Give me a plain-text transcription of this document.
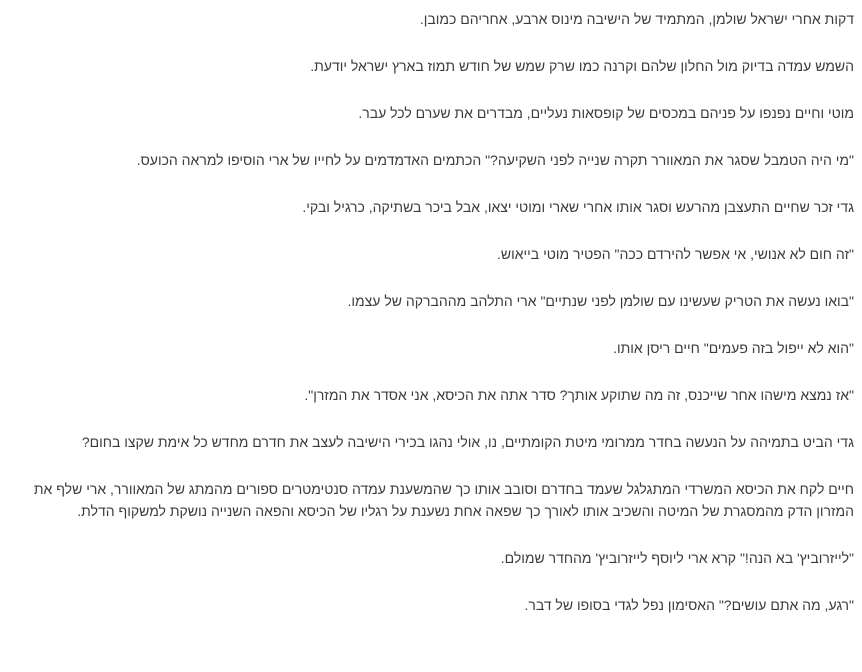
דקות אחרי ישראל שולמן, המתמיד של הישיבה מינוס ארבע, אחריהם כמובן.

השמש עמדה בדיוק מול החלון שלהם וקרנה כמו שרק שמש של חודש תמוז בארץ ישראל יודעת.

מוטי וחיים נפנפו על פניהם במכסים של קופסאות נעליים, מבדרים את שערם לכל עבר.

"מי היה הטמבל שסגר את המאוורר תקרה שנייה לפני השקיעה?" הכתמים האדמדמים על לחייו של ארי הוסיפו למראה הכועס.

גדי זכר שחיים התעצבן מהרעש וסגר אותו אחרי שארי ומוטי יצאו, אבל ביכר בשתיקה, כרגיל ובקי.

"זה חום לא אנושי, אי אפשר להירדם ככה" הפטיר מוטי בייאוש.

"בואו נעשה את הטריק שעשינו עם שולמן לפני שנתיים" ארי התלהב מההברקה של עצמו.

"הוא לא ייפול בזה פעמים" חיים ריסן אותו.

"אז נמצא מישהו אחר שייכנס, זה מה שתוקע אותך? סדר אתה את הכיסא, אני אסדר את המזרן".

גדי הביט בתמיהה על הנעשה בחדר ממרומי מיטת הקומתיים, נו, אולי נהגו בכירי הישיבה לעצב את חדרם מחדש כל אימת שקצו בחום?

חיים לקח את הכיסא המשרדי המתגלגל שעמד בחדרם וסובב אותו כך שהמשענת עמדה סנטימטרים ספורים מהמתג של המאוורר, ארי שלף את המזרון הדק מהמסגרת של המיטה והשכיב אותו לאורך כך שפאה אחת נשענת על רגליו של הכיסא והפאה השנייה נושקת למשקוף הדלת.

"לייזרוביץ' בא הנה!" קרא ארי ליוסף לייזרוביץ' מהחדר שמולם.

"רגע, מה אתם עושים?" האסימון נפל לגדי בסופו של דבר.
